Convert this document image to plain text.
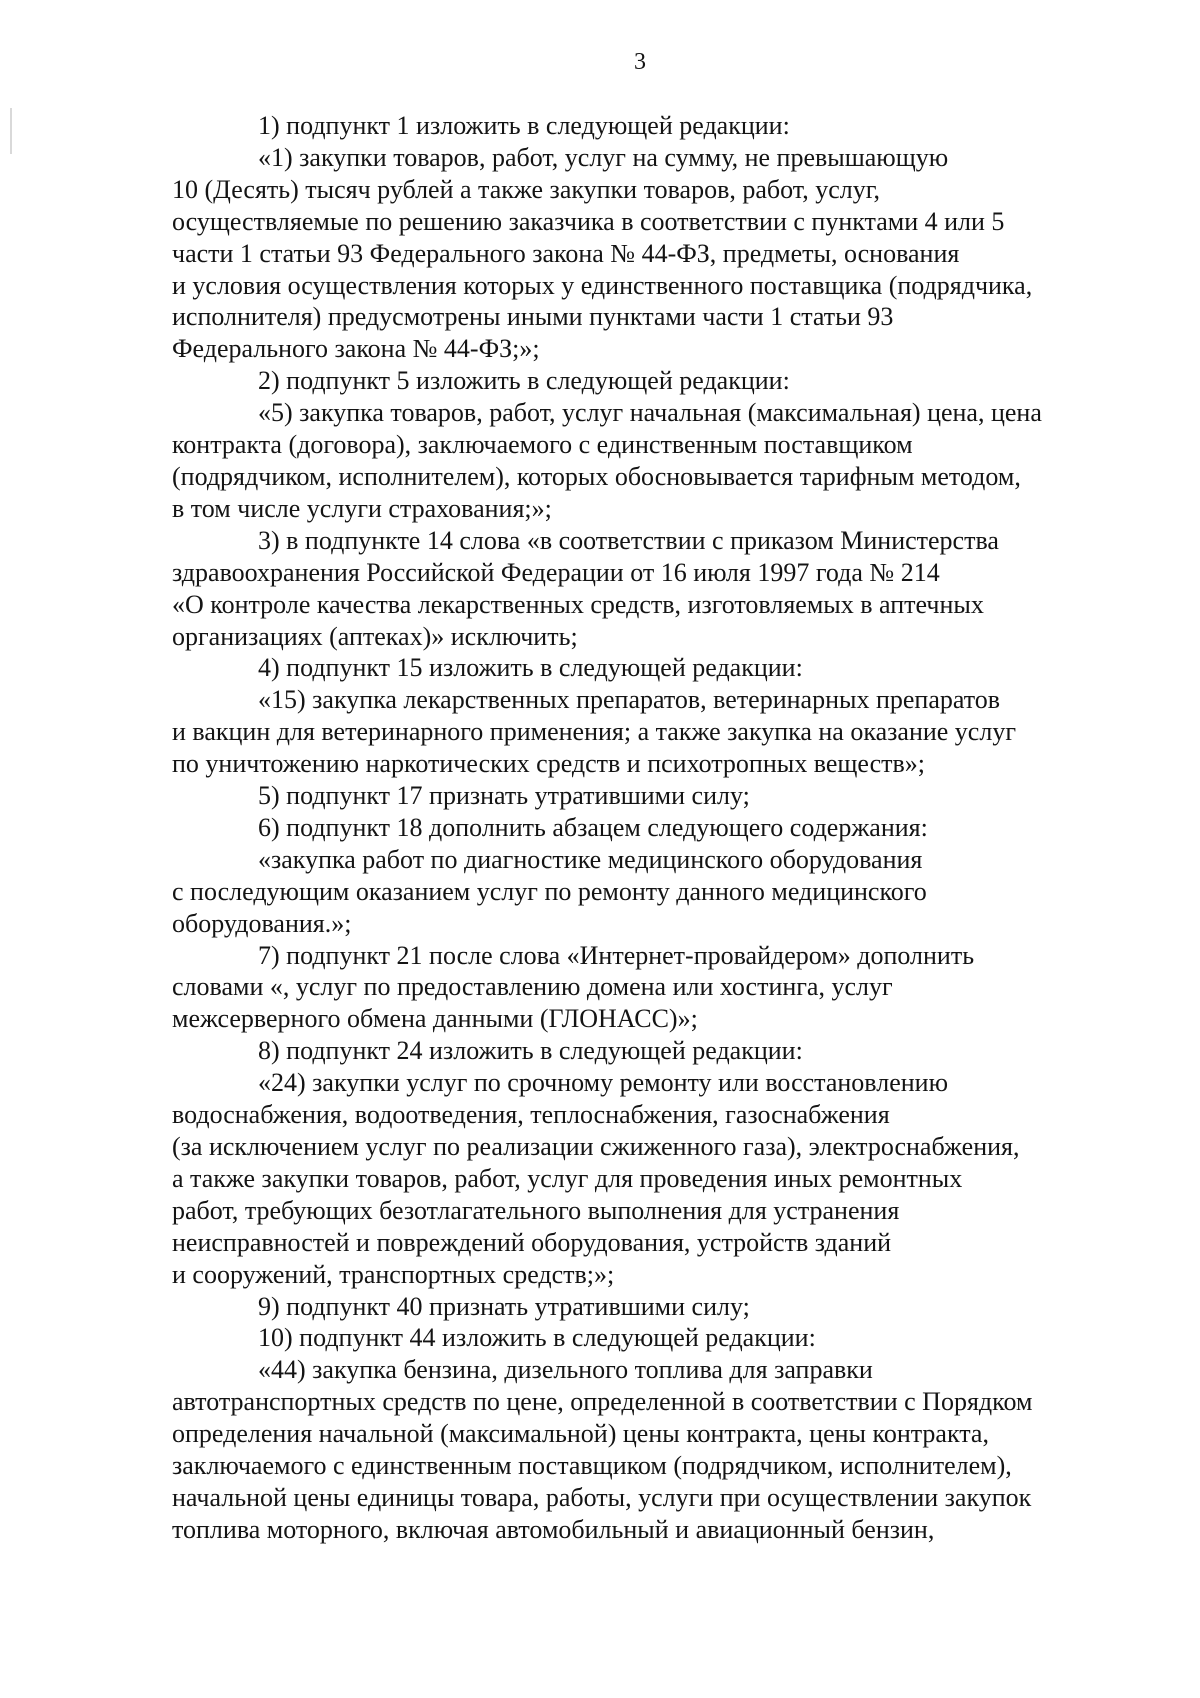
3

1) подпункт 1 изложить в следующей редакции:

«1) закупки товаров, работ, услуг на сумму, не превышающую
10 (Десять) тысяч рублей а также закупки товаров, работ, услуг,
осуществляемые по решению заказчика в соответствии с пунктами 4 или 5
части 1 статьи 93 Федерального закона № 44-ФЗ, предметы, основания
и условия осуществления которых у единственного поставщика (подрядчика,
исполнителя) предусмотрены иными пунктами части 1 статьи 93
Федерального закона № 44-ФЗ;»;

2) подпункт 5 изложить в следующей редакции:

«5) закупка товаров, работ, услуг начальная (максимальная) цена, цена
контракта (договора), заключаемого с единственным поставщиком
(подрядчиком, исполнителем), которых обосновывается тарифным методом,
в том числе услуги страхования;»;

3) в подпункте 14 слова «в соответствии с приказом Министерства
здравоохранения Российской Федерации от 16 июля 1997 года № 214
«О контроле качества лекарственных средств, изготовляемых в аптечных
организациях (аптеках)» исключить;

4) подпункт 15 изложить в следующей редакции:

«15) закупка лекарственных препаратов, ветеринарных препаратов
и вакцин для ветеринарного применения; а также закупка на оказание услуг
по уничтожению наркотических средств и психотропных веществ»;

5) подпункт 17 признать утратившими силу;

6) подпункт 18 дополнить абзацем следующего содержания:

«закупка работ по диагностике медицинского оборудования
с последующим оказанием услуг по ремонту данного медицинского
оборудования.»;

7) подпункт 21 после слова «Интернет-провайдером» дополнить
словами «, услуг по предоставлению домена или хостинга, услуг
межсерверного обмена данными (ГЛОНАСС)»;

8) подпункт 24 изложить в следующей редакции:

«24) закупки услуг по срочному ремонту или восстановлению
водоснабжения, водоотведения, теплоснабжения, газоснабжения
(за исключением услуг по реализации сжиженного газа), электроснабжения,
а также закупки товаров, работ, услуг для проведения иных ремонтных
работ, требующих безотлагательного выполнения для устранения
неисправностей и повреждений оборудования, устройств зданий
и сооружений, транспортных средств;»;

9) подпункт 40 признать утратившими силу;

10) подпункт 44 изложить в следующей редакции:

«44) закупка бензина, дизельного топлива для заправки
автотранспортных средств по цене, определенной в соответствии с Порядком
определения начальной (максимальной) цены контракта, цены контракта,
заключаемого с единственным поставщиком (подрядчиком, исполнителем),
начальной цены единицы товара, работы, услуги при осуществлении закупок
топлива моторного, включая автомобильный и авиационный бензин,
